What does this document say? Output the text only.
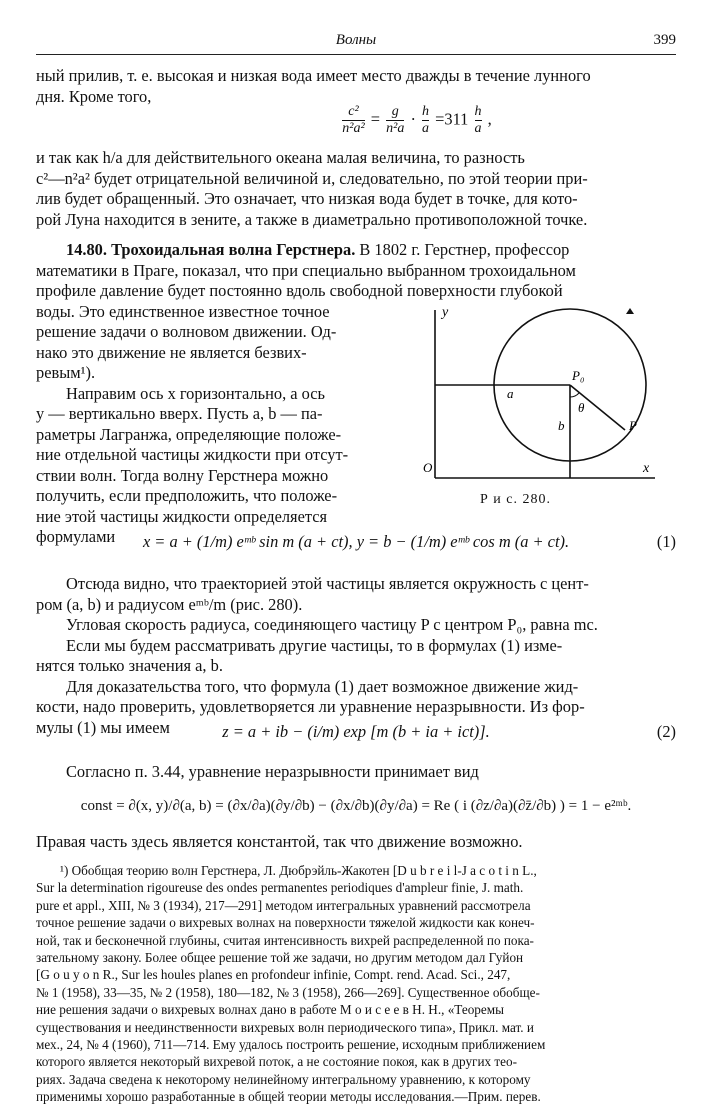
Волны	399
ный прилив, т. е. высокая и низкая вода имеет место дважды в течение лунного
дня. Кроме того,
$\frac{\text{c²}}{\text{n²a²}} = \frac{g}{\text{n²a}} \cdot \frac{h}{a} =311 \frac{h}{a}$ ,
и так как h/a для действительного океана малая величина, то разность
c²—n²a² будет отрицательной величиной и, следовательно, по этой теории при-
лив будет обращенный. Это означает, что низкая вода будет в точке, для кото-
рой Луна находится в зените, а также в диаметрально противоположной точке.
14.80. Трохоидальная волна Герстнера. В 1802 г. Герстнер, профессор
математики в Праге, показал, что при специально выбранном трохоидальном
профиле давление будет постоянно вдоль свободной поверхности глубокой
воды. Это единственное известное точное
решение задачи о волновом движении. Од-
нако это движение не является безвих-
ревым¹).
Направим ось x горизонтально, а ось
y — вертикально вверх. Пусть a, b — па-
раметры Лагранжа, определяющие положе-
ние отдельной частицы жидкости при отсут-
ствии волн. Тогда волну Герстнера можно
получить, если предположить, что положе-
ние этой частицы жидкости определяется
формулами
y
O	x
P₀
P
a
b
θ
Р и с. 280.
x = a + (1/m) eᵐᵇ sin m (a + ct), y = b − (1/m) eᵐᵇ cos m (a + ct).	(1)
Отсюда видно, что траекторией этой частицы является окружность с цент-
ром (a, b) и радиусом eᵐᵇ/m (рис. 280).
Угловая скорость радиуса, соединяющего частицу P с центром P₀, равна mc.
Если мы будем рассматривать другие частицы, то в формулах (1) изме-
нятся только значения a, b.
Для доказательства того, что формула (1) дает возможное движение жид-
кости, надо проверить, удовлетворяется ли уравнение неразрывности. Из фор-
мулы (1) мы имеем	z = a + ib − (i/m) exp [m (b + ia + ict)].	(2)
Согласно п. 3.44, уравнение неразрывности принимает вид
const = ∂(x, y)/∂(a, b) = (∂x/∂a)(∂y/∂b) − (∂x/∂b)(∂y/∂a) = Re ( i (∂z/∂a)(∂z̄/∂b) ) = 1 − e²ᵐᵇ.
Правая часть здесь является константой, так что движение возможно.
¹) Обобщая теорию волн Герстнера, Л. Дюбрэйль-Жакотен [D u b r e i l-J a c o t i n L.,
Sur la determination rigoureuse des ondes permanentes periodiques d'ampleur finie, J. math.
pure et appl., XIII, № 3 (1934), 217—291] методом интегральных уравнений рассмотрела
точное решение задачи о вихревых волнах на поверхности тяжелой жидкости как конеч-
ной, так и бесконечной глубины, считая интенсивность вихрей распределенной по пока-
зательному закону. Более общее решение той же задачи, но другим методом дал Гуйон
[G o u y o n R., Sur les houles planes en profondeur infinie, Compt. rend. Acad. Sci., 247,
№ 1 (1958), 33—35, № 2 (1958), 180—182, № 3 (1958), 266—269]. Существенное обобще-
ние решения задачи о вихревых волнах дано в работе М о и с е е в Н. Н., «Теоремы
существования и неединственности вихревых волн периодического типа», Прикл. мат. и
мех., 24, № 4 (1960), 711—714. Ему удалось построить решение, исходным приближением
которого является некоторый вихревой поток, а не состояние покоя, как в других тео-
риях. Задача сведена к некоторому нелинейному интегральному уравнению, к которому
применимы хорошо разработанные в общей теории методы исследования.—Прим. перев.
